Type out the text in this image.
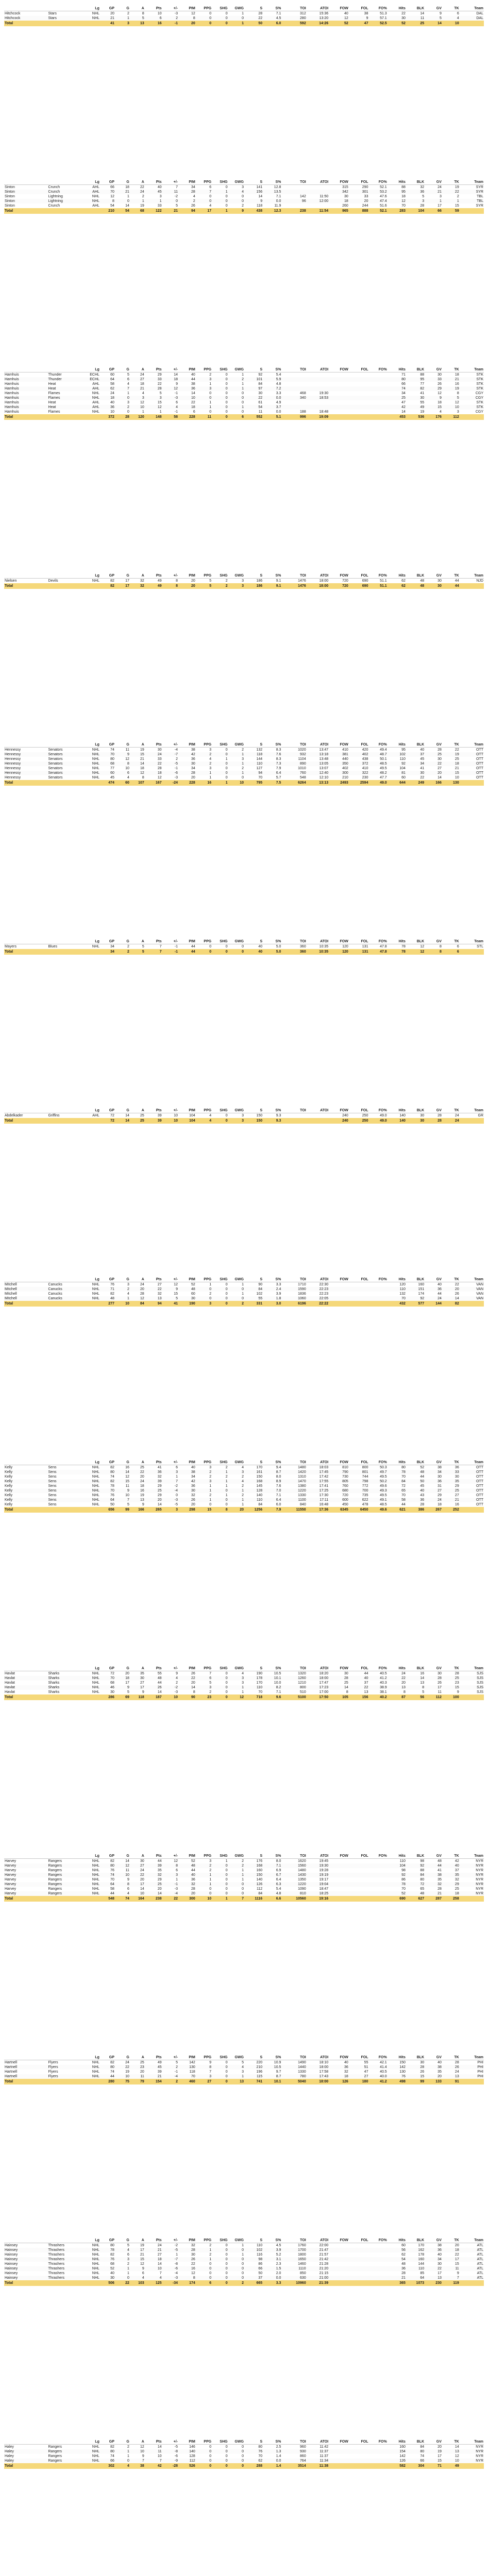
		Lg	GP	G	A	Pts	+/-	PIM	PPG	SHG	GWG	S	S%	TOI	ATOI	FOW	FOL	FO%	Hits	BLK	GV	TK	Team
Hitchcock	Stars	NHL	20	2	8	10	-3	12	0	0	1	28	7.1	312	15:36	40	38	51.3	22	14	9	6	DAL
Hitchcock	Stars	NHL	21	1	5	6	2	8	0	0	0	22	4.5	280	13:20	12	9	57.1	30	11	5	4	DAL
Total			41	3	13	16	-1	20	0	0	1	50	6.0	592	14:26	52	47	52.5	52	25	14	10	
		Lg	GP	G	A	Pts	+/-	PIM	PPG	SHG	GWG	S	S%	TOI	ATOI	FOW	FOL	FO%	Hits	BLK	GV	TK	Team
Sinton	Crunch	AHL	66	18	22	40	7	34	6	0	3	141	12.8			315	290	52.1	88	32	24	19	SYR
Sinton	Crunch	AHL	70	21	24	45	11	28	7	1	4	156	13.5			342	301	53.2	95	36	21	22	SYR
Sinton	Lightning	NHL	12	1	2	3	-2	4	0	0	0	14	7.1	142	11:50	30	33	47.6	18	5	3	2	TBL
Sinton	Lightning	NHL	8	0	1	1	0	2	0	0	0	9	0.0	96	12:00	18	20	47.4	12	3	1	1	TBL
Sinton	Crunch	AHL	54	14	19	33	5	26	4	0	2	118	11.9			260	244	51.6	70	28	17	15	SYR
Total			210	54	68	122	21	94	17	1	9	438	12.3	238	11:54	965	888	52.1	283	104	66	59	
		Lg	GP	G	A	Pts	+/-	PIM	PPG	SHG	GWG	S	S%	TOI	ATOI	FOW	FOL	FO%	Hits	BLK	GV	TK	Team
Hamhuis	Thunder	ECHL	60	5	24	29	14	40	2	0	1	92	5.4						71	88	30	18	STK
Hamhuis	Thunder	ECHL	64	6	27	33	18	44	3	0	2	101	5.9						80	95	33	21	STK
Hamhuis	Heat	AHL	58	4	18	22	9	38	1	0	1	84	4.8						66	77	26	16	STK
Hamhuis	Heat	AHL	62	7	21	28	12	36	3	0	1	97	7.2						74	82	29	19	STK
Hamhuis	Flames	NHL	24	1	4	5	-1	14	0	0	0	30	3.3	468	19:30				34	41	12	8	CGY
Hamhuis	Flames	NHL	18	0	3	3	-3	10	0	0	0	22	0.0	340	18:53				25	30	9	5	CGY
Hamhuis	Heat	AHL	40	3	12	15	6	22	1	0	0	61	4.9						47	55	18	12	STK
Hamhuis	Heat	AHL	36	2	10	12	4	18	1	0	1	54	3.7						42	49	15	10	STK
Hamhuis	Flames	NHL	10	0	1	1	-1	6	0	0	0	11	0.0	188	18:48				14	19	4	3	CGY
Total			372	28	120	148	58	228	11	0	6	552	5.1	996	19:09				453	536	176	112	
		Lg	GP	G	A	Pts	+/-	PIM	PPG	SHG	GWG	S	S%	TOI	ATOI	FOW	FOL	FO%	Hits	BLK	GV	TK	Team
Nielsen	Devils	NHL	82	17	32	49	8	20	5	2	3	186	9.1	1476	18:00	720	690	51.1	62	48	30	44	NJD
Total			82	17	32	49	8	20	5	2	3	186	9.1	1476	18:00	720	690	51.1	62	48	30	44	
		Lg	GP	G	A	Pts	+/-	PIM	PPG	SHG	GWG	S	S%	TOI	ATOI	FOW	FOL	FO%	Hits	BLK	GV	TK	Team
Hennessy	Senators	NHL	74	11	19	30	-4	38	3	0	2	132	8.3	1020	13:47	410	420	49.4	95	40	28	22	OTT
Hennessy	Senators	NHL	70	9	15	24	-7	42	2	0	1	118	7.6	932	13:18	381	402	48.7	102	37	25	19	OTT
Hennessy	Senators	NHL	80	12	21	33	2	36	4	1	3	144	8.3	1104	13:48	440	438	50.1	110	45	30	25	OTT
Hennessy	Senators	NHL	68	8	14	22	-5	30	2	0	1	110	7.3	890	13:05	350	372	48.5	92	34	22	18	OTT
Hennessy	Senators	NHL	77	10	18	28	-1	34	3	0	2	127	7.9	1010	13:07	402	410	49.5	104	41	27	21	OTT
Hennessy	Senators	NHL	60	6	12	18	-6	28	1	0	1	94	6.4	760	12:40	300	322	48.2	81	30	20	15	OTT
Hennessy	Senators	NHL	45	4	8	12	-3	20	1	0	0	70	5.7	548	12:10	210	230	47.7	60	22	14	10	OTT
Total			474	60	107	167	-24	228	16	1	10	795	7.5	6264	13:13	2493	2594	49.0	644	249	166	130	
		Lg	GP	G	A	Pts	+/-	PIM	PPG	SHG	GWG	S	S%	TOI	ATOI	FOW	FOL	FO%	Hits	BLK	GV	TK	Team
Mayers	Blues	NHL	34	2	5	7	-1	44	0	0	0	40	5.0	360	10:35	120	131	47.8	78	12	8	6	STL
Total			34	2	5	7	-1	44	0	0	0	40	5.0	360	10:35	120	131	47.8	78	12	8	6	
		Lg	GP	G	A	Pts	+/-	PIM	PPG	SHG	GWG	S	S%	TOI	ATOI	FOW	FOL	FO%	Hits	BLK	GV	TK	Team
Abdelkader	Griffins	AHL	72	14	25	39	10	104	4	0	3	150	9.3			240	250	49.0	140	30	28	24	GR
Total			72	14	25	39	10	104	4	0	3	150	9.3			240	250	49.0	140	30	28	24	
		Lg	GP	G	A	Pts	+/-	PIM	PPG	SHG	GWG	S	S%	TOI	ATOI	FOW	FOL	FO%	Hits	BLK	GV	TK	Team
Mitchell	Canucks	NHL	76	3	24	27	12	52	1	0	1	90	3.3	1710	22:30				120	160	40	22	VAN
Mitchell	Canucks	NHL	71	2	20	22	9	48	0	0	0	84	2.4	1590	22:23				110	151	36	20	VAN
Mitchell	Canucks	NHL	82	4	28	32	15	60	2	0	1	102	3.9	1836	22:23				132	174	44	26	VAN
Mitchell	Canucks	NHL	48	1	12	13	5	30	0	0	0	55	1.8	1060	22:05				70	92	24	14	VAN
Total			277	10	84	94	41	190	3	0	2	331	3.0	6196	22:22				432	577	144	82	
		Lg	GP	G	A	Pts	+/-	PIM	PPG	SHG	GWG	S	S%	TOI	ATOI	FOW	FOL	FO%	Hits	BLK	GV	TK	Team
Kelly	Sens	NHL	82	16	25	41	6	40	3	2	4	170	9.4	1480	18:03	810	800	50.3	80	52	38	36	OTT
Kelly	Sens	NHL	80	14	22	36	3	38	2	1	3	161	8.7	1420	17:45	790	801	49.7	78	48	34	33	OTT
Kelly	Sens	NHL	74	12	20	32	1	34	2	2	2	150	8.0	1310	17:42	730	744	49.5	70	44	30	30	OTT
Kelly	Sens	NHL	82	15	24	39	7	42	3	1	4	168	8.9	1470	17:55	805	798	50.2	84	50	36	35	OTT
Kelly	Sens	NHL	78	11	18	29	-2	36	1	1	2	145	7.6	1380	17:41	760	772	49.6	72	45	31	29	OTT
Kelly	Sens	NHL	70	9	16	25	-4	30	1	0	1	128	7.0	1220	17:25	680	700	49.3	65	40	27	25	OTT
Kelly	Sens	NHL	76	10	19	29	0	32	2	1	2	140	7.1	1330	17:30	720	735	49.5	70	43	29	27	OTT
Kelly	Sens	NHL	64	7	13	20	-3	26	1	0	1	110	6.4	1100	17:11	600	622	49.1	58	36	24	21	OTT
Kelly	Sens	NHL	50	5	9	14	-5	20	0	0	1	84	6.0	840	16:48	450	478	48.5	44	28	18	16	OTT
Total			656	99	166	265	3	298	15	8	20	1256	7.9	11550	17:36	6345	6450	49.6	621	386	267	252	
		Lg	GP	G	A	Pts	+/-	PIM	PPG	SHG	GWG	S	S%	TOI	ATOI	FOW	FOL	FO%	Hits	BLK	GV	TK	Team
Havlat	Sharks	NHL	72	20	35	55	9	26	7	0	4	190	10.5	1320	18:20	30	44	40.5	24	16	30	28	SJS
Havlat	Sharks	NHL	70	18	30	48	4	22	6	0	3	178	10.1	1260	18:00	28	40	41.2	22	14	28	25	SJS
Havlat	Sharks	NHL	68	17	27	44	2	20	5	0	3	170	10.0	1210	17:47	25	37	40.3	20	13	26	23	SJS
Havlat	Sharks	NHL	46	9	17	26	-2	14	3	0	1	110	8.2	800	17:23	14	22	38.9	13	8	17	15	SJS
Havlat	Sharks	NHL	30	5	9	14	-3	8	2	0	1	70	7.1	510	17:00	8	13	38.1	8	5	11	9	SJS
Total			286	69	118	187	10	90	23	0	12	718	9.6	5100	17:50	105	156	40.2	87	56	112	100	
		Lg	GP	G	A	Pts	+/-	PIM	PPG	SHG	GWG	S	S%	TOI	ATOI	FOW	FOL	FO%	Hits	BLK	GV	TK	Team
Harvey	Rangers	NHL	82	14	30	44	12	52	3	1	2	176	8.0	1620	19:45				110	98	48	42	NYR
Harvey	Rangers	NHL	80	12	27	39	8	48	2	0	2	168	7.1	1560	19:30				104	92	44	40	NYR
Harvey	Rangers	NHL	76	11	24	35	6	44	2	0	1	160	6.9	1480	19:28				98	88	41	37	NYR
Harvey	Rangers	NHL	74	10	22	32	3	40	1	0	1	150	6.7	1430	19:19				92	84	38	35	NYR
Harvey	Rangers	NHL	70	9	20	29	1	36	1	0	1	140	6.4	1350	19:17				86	80	35	32	NYR
Harvey	Rangers	NHL	64	8	17	25	-1	32	1	0	0	126	6.3	1220	19:04				78	72	32	29	NYR
Harvey	Rangers	NHL	58	6	14	20	-3	28	0	0	0	112	5.4	1090	18:47				70	65	28	25	NYR
Harvey	Rangers	NHL	44	4	10	14	-4	20	0	0	0	84	4.8	810	18:25				52	48	21	18	NYR
Total			548	74	164	238	22	300	10	1	7	1116	6.6	10560	19:16				690	627	287	258	
		Lg	GP	G	A	Pts	+/-	PIM	PPG	SHG	GWG	S	S%	TOI	ATOI	FOW	FOL	FO%	Hits	BLK	GV	TK	Team
Hartnell	Flyers	NHL	82	24	25	49	5	142	9	0	5	220	10.9	1490	18:10	40	55	42.1	150	30	40	28	PHI
Hartnell	Flyers	NHL	80	22	23	45	2	130	8	0	4	210	10.5	1440	18:00	36	51	41.4	142	28	38	26	PHI
Hartnell	Flyers	NHL	74	19	20	39	-1	118	7	0	3	196	9.7	1330	17:58	32	47	40.5	130	26	35	24	PHI
Hartnell	Flyers	NHL	44	10	11	21	-4	70	3	0	1	115	8.7	780	17:43	18	27	40.0	76	15	20	13	PHI
Total			280	75	79	154	2	460	27	0	13	741	10.1	5040	18:00	126	180	41.2	498	99	133	91	
		Lg	GP	G	A	Pts	+/-	PIM	PPG	SHG	GWG	S	S%	TOI	ATOI	FOW	FOL	FO%	Hits	BLK	GV	TK	Team
Hainsey	Thrashers	NHL	80	5	19	24	-2	32	2	0	1	110	4.5	1760	22:00				60	170	38	20	ATL
Hainsey	Thrashers	NHL	78	4	17	21	-5	28	1	0	0	102	3.9	1700	21:47				56	162	36	18	ATL
Hainsey	Thrashers	NHL	82	6	21	27	1	30	2	0	1	116	5.2	1800	21:57				62	178	40	22	ATL
Hainsey	Thrashers	NHL	76	3	15	18	-7	26	1	0	0	98	3.1	1650	21:42				54	160	34	17	ATL
Hainsey	Thrashers	NHL	68	2	12	14	-8	22	0	0	0	86	2.3	1460	21:28				48	144	30	15	ATL
Hainsey	Thrashers	NHL	52	1	9	10	-6	16	0	0	0	66	1.5	1110	21:20				36	110	22	11	ATL
Hainsey	Thrashers	NHL	40	1	6	7	-4	12	0	0	0	50	2.0	850	21:15				28	85	17	9	ATL
Hainsey	Thrashers	NHL	30	0	4	4	-3	8	0	0	0	37	0.0	630	21:00				21	64	13	7	ATL
Total			506	22	103	125	-34	174	6	0	2	665	3.3	10960	21:39				365	1073	230	119	
		Lg	GP	G	A	Pts	+/-	PIM	PPG	SHG	GWG	S	S%	TOI	ATOI	FOW	FOL	FO%	Hits	BLK	GV	TK	Team
Haley	Rangers	NHL	82	2	12	14	-5	146	0	0	0	80	2.5	960	11:42				160	84	20	14	NYR
Haley	Rangers	NHL	80	1	10	11	-8	140	0	0	0	76	1.3	930	11:37				154	80	19	13	NYR
Haley	Rangers	NHL	74	1	9	10	-6	128	0	0	0	70	1.4	860	11:37				142	74	17	12	NYR
Haley	Rangers	NHL	66	0	7	7	-9	112	0	0	0	62	0.0	764	11:34				126	66	15	10	NYR
Total			302	4	38	42	-28	526	0	0	0	288	1.4	3514	11:38				582	304	71	49	
